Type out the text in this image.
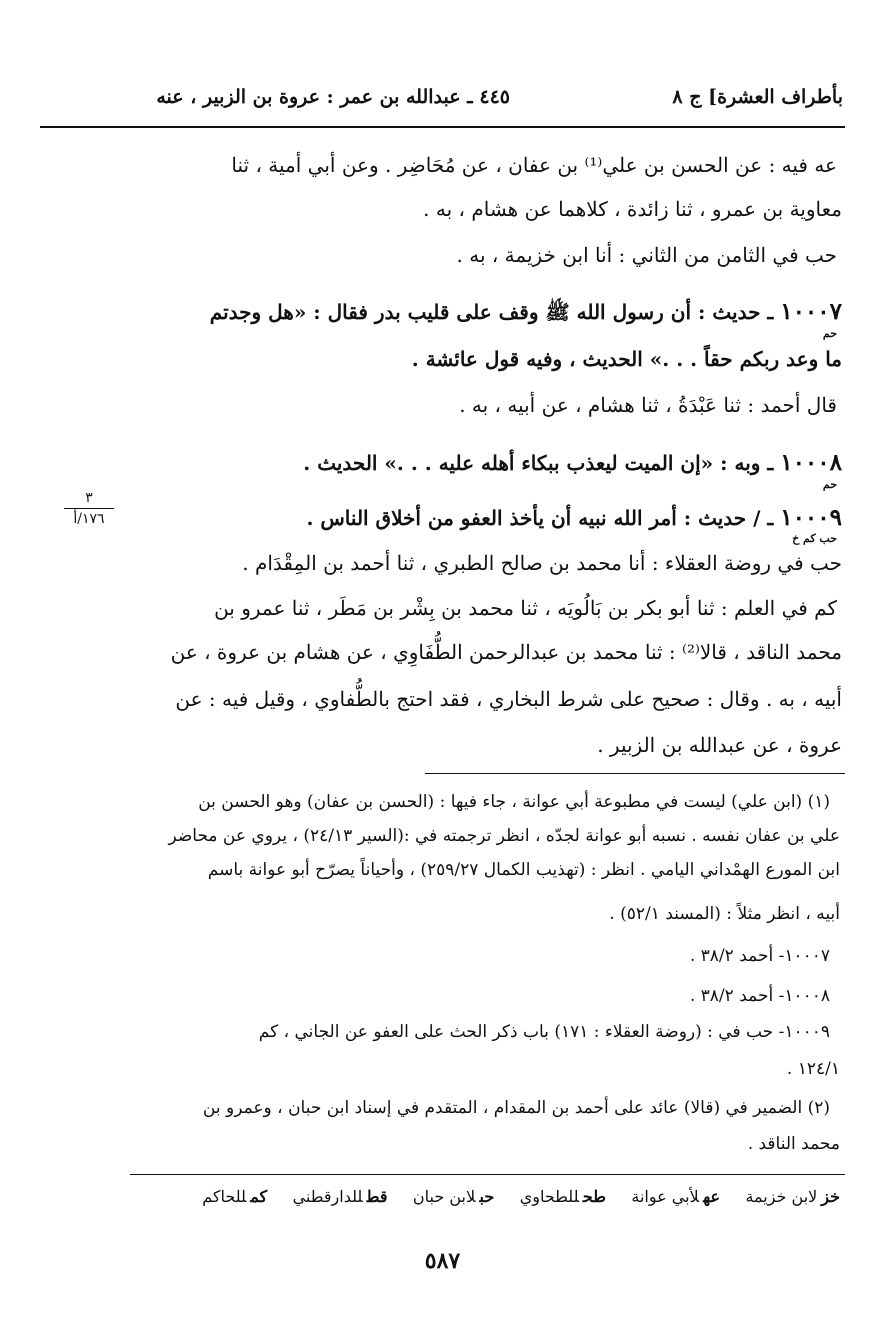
بأطراف العشرة] ج ٨
٤٤٥ ـ عبدالله بن عمر : عروة بن الزبير ، عنه
عه فيه : عن الحسن بن علي⁽¹⁾ بن عفان ، عن مُحَاضِر . وعن أبي أمية ، ثنا
معاوية بن عمرو ، ثنا زائدة ، كلاهما عن هشام ، به .
حب في الثامن من الثاني : أنا ابن خزيمة ، به .
١٠٠٠٧ ـ حديث : أن رسول الله ﷺ وقف على قليب بدر فقال : «هل وجدتم
حم
ما وعد ربكم حقاً . . .» الحديث ، وفيه قول عائشة .
قال أحمد : ثنا عَبْدَةُ ، ثنا هشام ، عن أبيه ، به .
١٠٠٠٨ ـ وبه : «إن الميت ليعذب ببكاء أهله عليه . . .» الحديث .
حم
١٠٠٠٩ ـ / حديث : أمر الله نبيه أن يأخذ العفو من أخلاق الناس .
حب كم خ
٣
١٧٦/أ
حب في روضة العقلاء : أنا محمد بن صالح الطبري ، ثنا أحمد بن المِقْدَام .
كم في العلم : ثنا أبو بكر بن بَالُويَه ، ثنا محمد بن بِشْر بن مَطَر ، ثنا عمرو بن
محمد الناقد ، قالا⁽²⁾ : ثنا محمد بن عبدالرحمن الطُّفَاوِي ، عن هشام بن عروة ، عن
أبيه ، به . وقال : صحيح على شرط البخاري ، فقد احتج بالطُّفاوي ، وقيل فيه : عن
عروة ، عن عبدالله بن الزبير .
(١) (ابن علي) ليست في مطبوعة أبي عوانة ، جاء فيها : (الحسن بن عفان) وهو الحسن بن
علي بن عفان نفسه . نسبه أبو عوانة لجدّه ، انظر ترجمته في :(السير ٢٤/١٣) ، يروي عن محاضر
ابن المورع الهمْداني اليامي . انظر : (تهذيب الكمال ٢٥٩/٢٧) ، وأحياناً يصرّح أبو عوانة باسم
أبيه ، انظر مثلاً : (المسند ٥٢/١) .
١٠٠٠٧- أحمد ٣٨/٢ .
١٠٠٠٨- أحمد ٣٨/٢ .
١٠٠٠٩- حب في : (روضة العقلاء : ١٧١) باب ذكر الحث على العفو عن الجاني ، كم
١٢٤/١ .
(٢) الضمير في (قالا) عائد على أحمد بن المقدام ، المتقدم في إسناد ابن حبان ، وعمرو بن
محمد الناقد .
خزلابن خزيمة     عهلأبي عوانة     طحللطحاوي     حبلابن حبان     قطللدارقطني     كمللحاكم
٥٨٧
